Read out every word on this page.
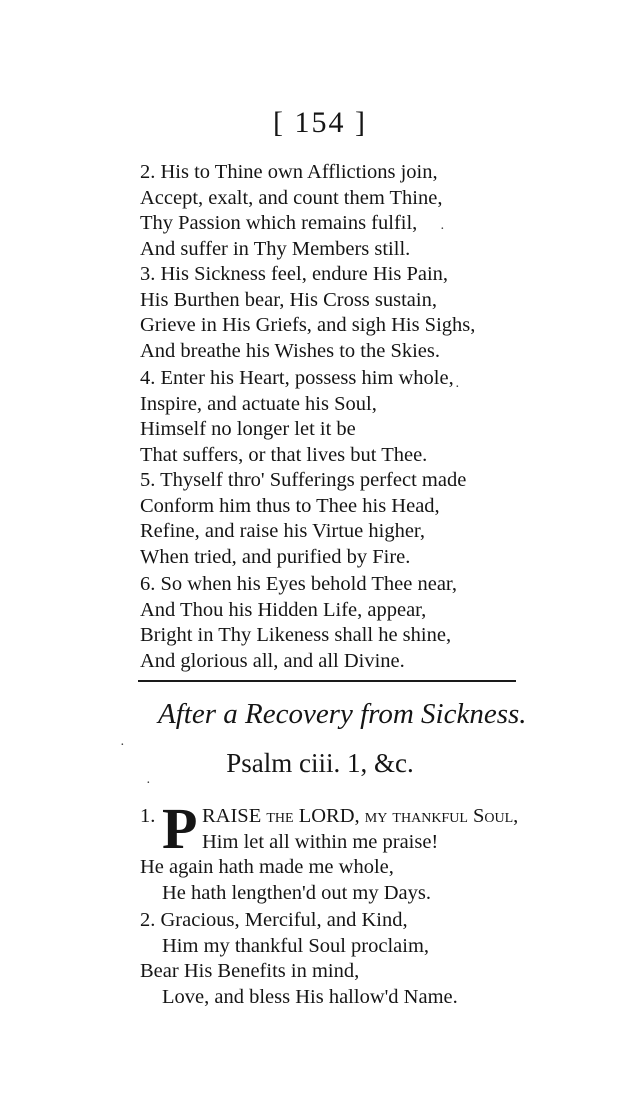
[ 154 ]
2. His to Thine own Afflictions join,
Accept, exalt, and count them Thine,
Thy Passion which remains fulfil,
And suffer in Thy Members still.
3. His Sickness feel, endure His Pain,
His Burthen bear, His Cross sustain,
Grieve in His Griefs, and sigh His Sighs,
And breathe his Wishes to the Skies.
4. Enter his Heart, possess him whole,
Inspire, and actuate his Soul,
Himself no longer let it be
That suffers, or that lives but Thee.
5. Thyself thro' Sufferings perfect made
Conform him thus to Thee his Head,
Refine, and raise his Virtue higher,
When tried, and purified by Fire.
6. So when his Eyes behold Thee near,
And Thou his Hidden Life, appear,
Bright in Thy Likeness shall he shine,
And glorious all, and all Divine.
After a Recovery from Sickness.
Psalm ciii. 1, &c.
1. P RAISE the LORD, my thankful Soul,
Him let all within me praise!
He again hath made me whole,
He hath lengthen'd out my Days.
2. Gracious, Merciful, and Kind,
Him my thankful Soul proclaim,
Bear His Benefits in mind,
Love, and bless His hallow'd Name.
·
·
·
·
